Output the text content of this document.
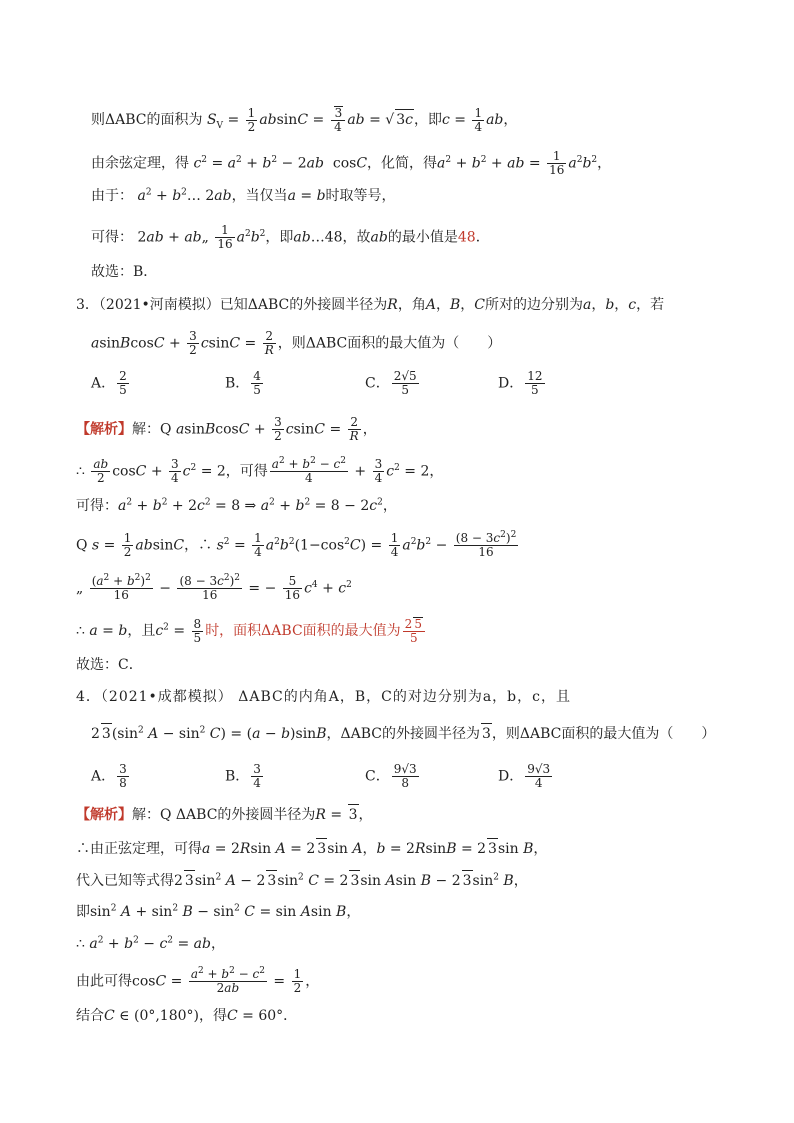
则ΔABC的面积为 $S_V = \frac{1}{2}$ $absinC = \frac{3}{4}$ ab = √ 3c，即$c = \frac{1}{4}$ ab，
由余弦定理，得 $c^2 = a^2 + b^2 - 2ab$  cosC，化简，得$a^2 + b^2$ + ab = $\frac{1}{16} a^2b^2$，
由于： $a^2$ + $b^2\dots$ 2ab，当仅当a = b时取等号，
可得： 2ab + ab„ $\frac{1}{16} a^2b^2$，即ab…48，故ab的最小值是48．
故选：B．
3．（2021•河南模拟）已知ΔABC的外接圆半径为R，角A，B，C所对的边分别为a，b，c，若
asinBcosC + $\frac{3}{2}$ $csinC = \frac{2}{R}$ ，则ΔABC面积的最大值为（　　）
A． $\frac{2}{5}$	B． $\frac{4}{5}$	C． $\frac{2√5}{5}$	D． $\frac{12}{5}$
【解析】解：Q asinBcosC + $\frac{3}{2}$ $csinC = \frac{2}{R}$ ，
∴ $\frac{ab}{2}$ $\cos C + \frac{3}{4} c^2 = 2$，可得 $\frac{a^2 + b^2 - c^2}{4} + \frac{3}{4} c^2 = 2$，
可得：$a^2 + b^2 + 2c^2 = 8$ ⇒ $a^2 + b^2 = 8 - 2c^2$，
Q $s = \frac{1}{2}$ absinC，∴ $s^2 = \frac{1}{4} a^2b^2(1-\cos^2C) = \frac{1}{4} a^2b^2 - \frac{(8 - 3c^2)^2}{16}$
„ $\frac{(a^2 + b^2)^2}{16} - \frac{(8 - 3c^2)^2}{16}$ = − $\frac{5}{16} c^4 + c^2$
∴ a = b，且$c^2 = \frac{8}{5}$ 时，面积ΔABC面积的最大值为 $\frac{2 5}{5}$
故选：C．
4．（2021•成都模拟） ΔABC的内角A，B，C的对边分别为a，b，c，且
2 $3(\sin^2$ $A - \sin^2 C) = (a - b)\sin B$，ΔABC的外接圆半径为 3，则ΔABC面积的最大值为（　　）
A． $\frac{3}{8}$	B． $\frac{3}{4}$	C． $\frac{9√3}{8}$	D． $\frac{9√3}{4}$
【解析】解：Q ΔABC的外接圆半径为R = 3，
∴由正弦定理，可得a = 2Rsin A = 2 3sin A，b = 2RsinB = 2 3sin B，
代入已知等式得2 $3\sin^2$ A − 2 $3\sin^2$ C = 2 3sin Asin B − 2 $3\sin^2$ B，
即$\sin^2 A + \sin^2 B - \sin^2 C = \sin Asin$ B，
∴ $a^2 + b^2 - c^2$ = ab，
由此可得$\cos C = \frac{a^2 + b^2 - c^2}{2ab} = \frac{1}{2}$ ，
结合C ∈ (0°,180°)，得C = 60°．
